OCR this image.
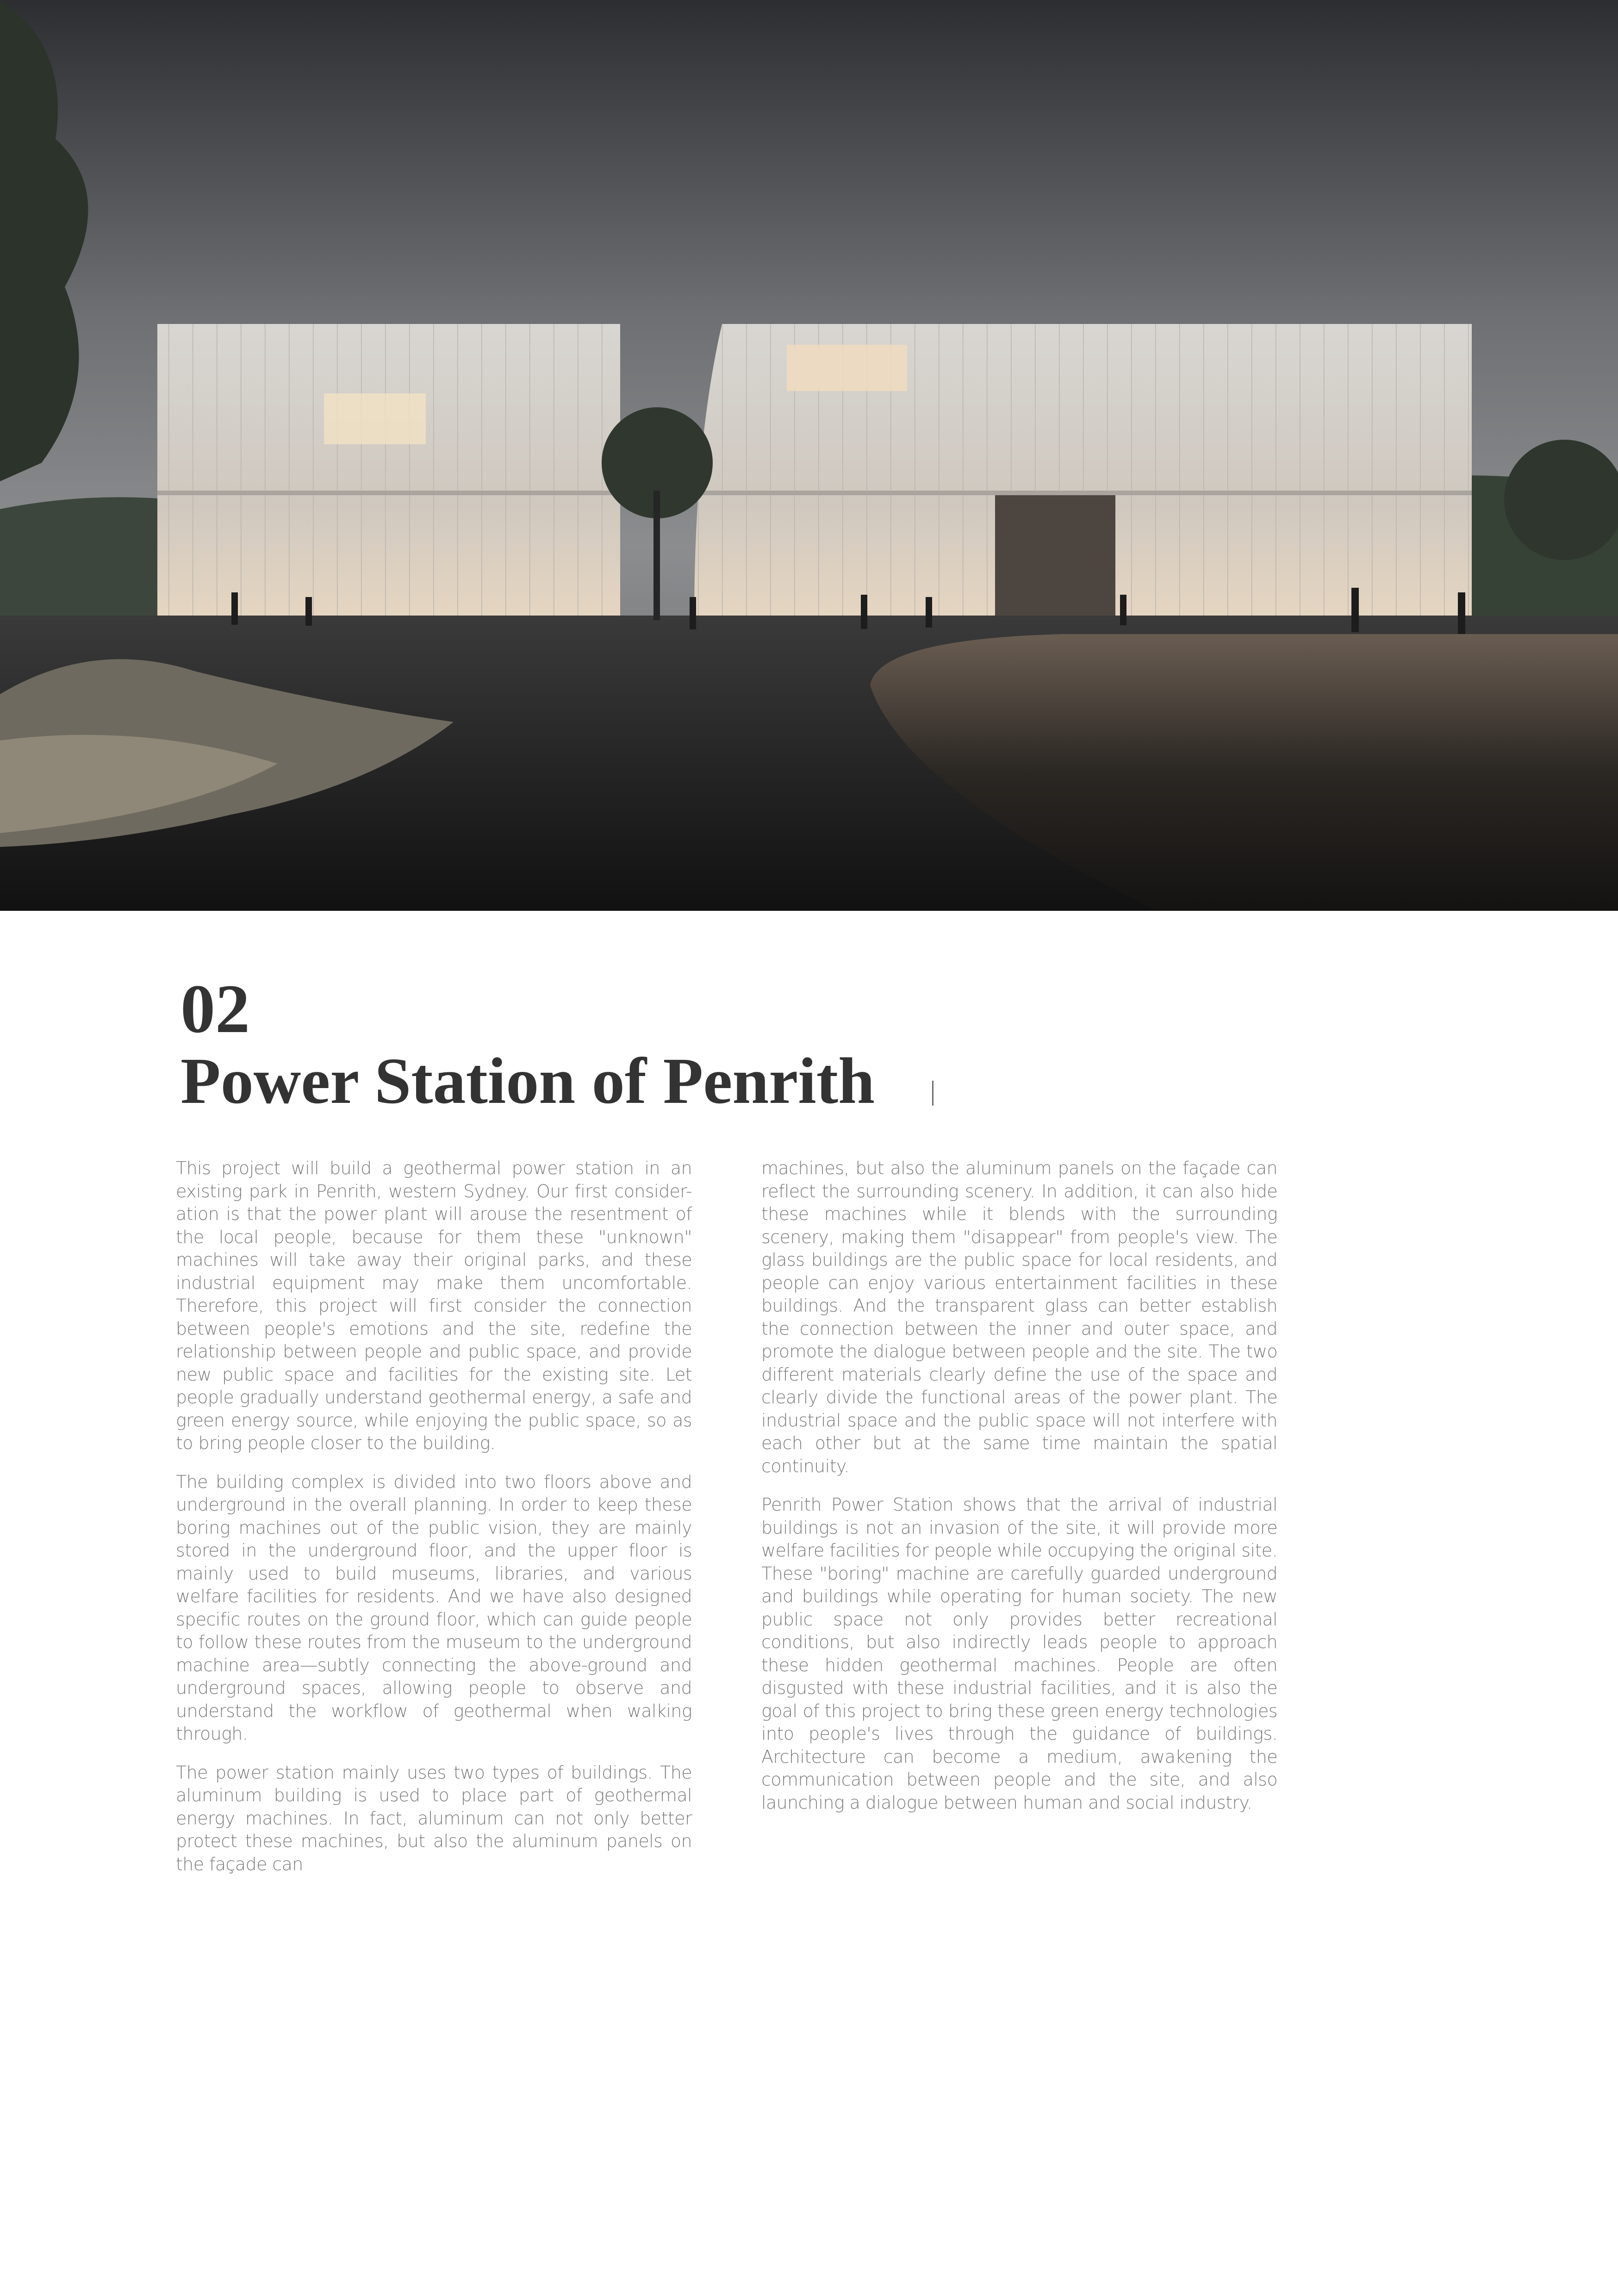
02
Power Station of Penrith

This project will build a geothermal power station in an existing park in Penrith, western Sydney. Our first consider- ation is that the power plant will arouse the resentment of the local people, because for them these "unknown" machines will take away their original parks, and these industrial equipment may make them uncomfortable. Therefore, this project will first consider the connection between people's emotions and the site, redefine the relationship between people and public space, and provide new public space and facilities for the existing site. Let people gradually understand geothermal energy, a safe and green energy source, while enjoying the public space, so as to bring people closer to the building.

The building complex is divided into two floors above and underground in the overall planning. In order to keep these boring machines out of the public vision, they are mainly stored in the underground floor, and the upper floor is mainly used to build museums, libraries, and various welfare facilities for residents. And we have also designed specific routes on the ground floor, which can guide people to follow these routes from the museum to the underground machine area—subtly connecting the above-ground and underground spaces, allowing people to observe and understand the workflow of geothermal when walking through.

The power station mainly uses two types of buildings. The aluminum building is used to place part of geothermal energy machines. In fact, aluminum can not only better protect these machines, but also the aluminum panels on the façade can

machines, but also the aluminum panels on the façade can reflect the surrounding scenery. In addition, it can also hide these machines while it blends with the surrounding scenery, making them "disappear" from people's view. The glass buildings are the public space for local residents, and people can enjoy various entertainment facilities in these buildings. And the transparent glass can better establish the connection between the inner and outer space, and promote the dialogue between people and the site. The two different materials clearly define the use of the space and clearly divide the functional areas of the power plant. The industrial space and the public space will not interfere with each other but at the same time maintain the spatial continuity.

Penrith Power Station shows that the arrival of industrial buildings is not an invasion of the site, it will provide more welfare facilities for people while occupying the original site. These "boring" machine are carefully guarded underground and buildings while operating for human society. The new public space not only provides better recreational conditions, but also indirectly leads people to approach these hidden geothermal machines. People are often disgusted with these industrial facilities, and it is also the goal of this project to bring these green energy technologies into people's lives through the guidance of buildings. Architecture can become a medium, awakening the communication between people and the site, and also launching a dialogue between human and social industry.
